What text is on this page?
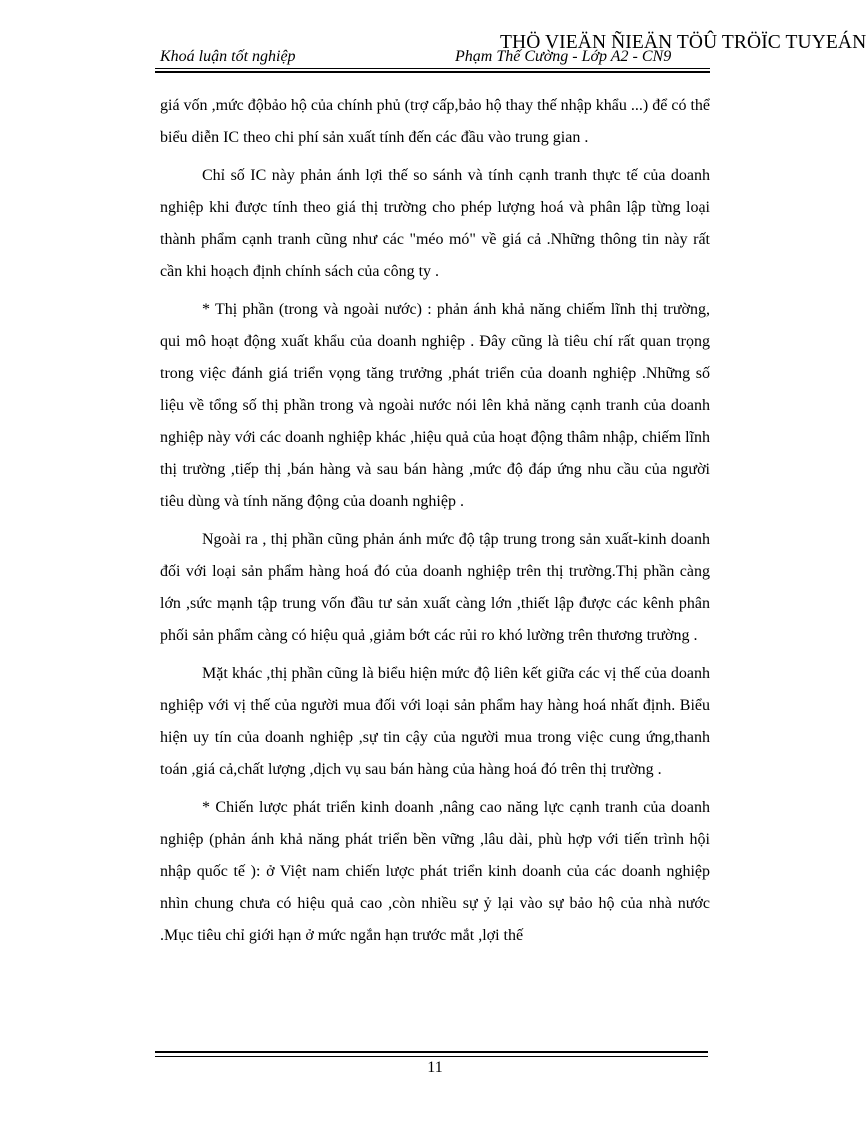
THÖ VIEÄN ÑIEÄN TÖÛ TRÖÏC TUYEÁN
Khoá luận tốt nghiệp	Phạm Thế Cường - Lớp A2 - CN9

giá vốn ,mức độbảo hộ của chính phủ (trợ cấp,bảo hộ thay thế nhập khẩu ...) để có thể biểu diễn IC theo chi phí sản xuất tính đến các đầu vào trung gian .

Chỉ số IC này phản ánh lợi thế so sánh và tính cạnh tranh thực tế của doanh nghiệp khi được tính theo giá thị trường cho phép lượng hoá và phân lập từng loại thành phẩm cạnh tranh cũng như các "méo mó" về giá cả .Những thông tin này rất cần khi hoạch định chính sách của công ty .

* Thị phần (trong và ngoài nước) : phản ánh khả năng chiếm lĩnh thị trường, qui mô hoạt động xuất khẩu của doanh nghiệp . Đây cũng là tiêu chí rất quan trọng trong việc đánh giá triển vọng tăng trưởng ,phát triển của doanh nghiệp .Những số liệu về tổng số thị phần trong và ngoài nước nói lên khả năng cạnh tranh của doanh nghiệp này với các doanh nghiệp khác ,hiệu quả của hoạt động thâm nhập, chiếm lĩnh thị trường ,tiếp thị ,bán hàng và sau bán hàng ,mức độ đáp ứng nhu cầu của người tiêu dùng và tính năng động của doanh nghiệp .

Ngoài ra , thị phần cũng phản ánh mức độ tập trung trong sản xuất-kinh doanh đối với loại sản phẩm hàng hoá đó của doanh nghiệp trên thị trường.Thị phần càng lớn ,sức mạnh tập trung vốn đầu tư sản xuất càng lớn ,thiết lập được các kênh phân phối sản phẩm càng có hiệu quả ,giảm bớt các rủi ro khó lường trên thương trường .

Mặt khác ,thị phần cũng là biểu hiện mức độ liên kết giữa các vị thế của doanh nghiệp với vị thế của người mua đối với loại sản phẩm hay hàng hoá nhất định. Biểu hiện uy tín của doanh nghiệp ,sự tin cậy của người mua trong việc cung ứng,thanh toán ,giá cả,chất lượng ,dịch vụ sau bán hàng của hàng hoá đó trên thị trường .

* Chiến lược phát triển kinh doanh ,nâng cao năng lực cạnh tranh của doanh nghiệp (phản ánh khả năng phát triển bền vững ,lâu dài, phù hợp với tiến trình hội nhập quốc tế ): ở Việt nam chiến lược phát triển kinh doanh của các doanh nghiệp nhìn chung chưa có hiệu quả cao ,còn nhiều sự ỷ lại vào sự bảo hộ của nhà nước .Mục tiêu chỉ giới hạn ở mức ngắn hạn trước mắt ,lợi thế

11
